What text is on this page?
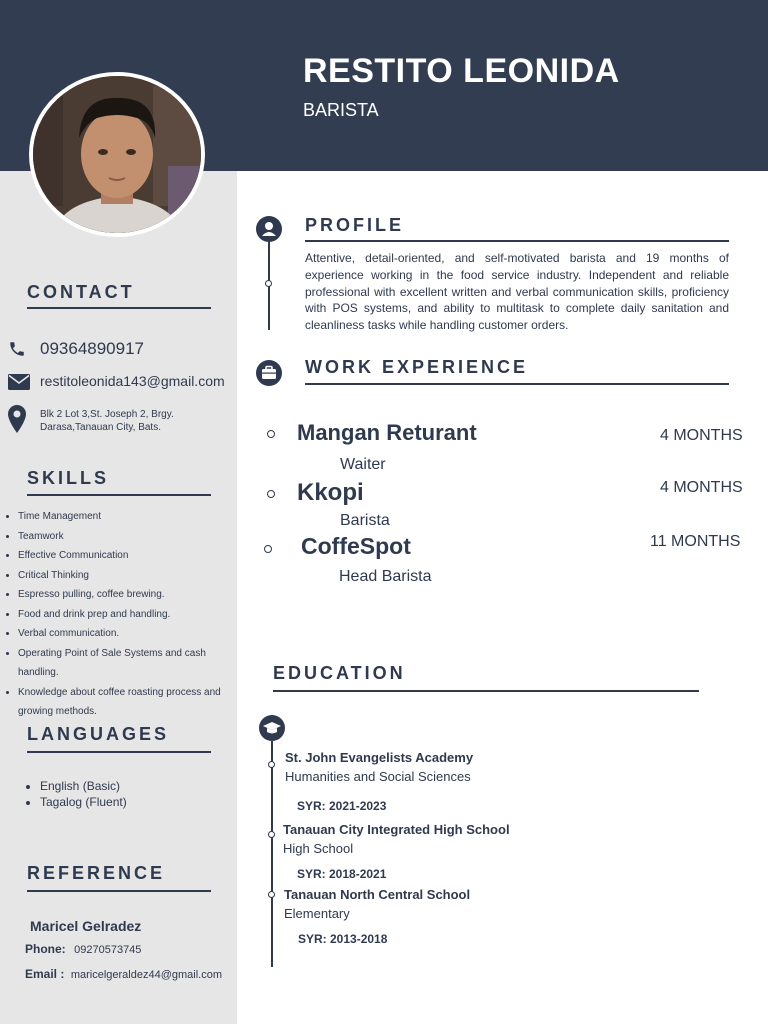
RESTITO LEONIDA
BARISTA
CONTACT
09364890917
restitoleonida143@gmail.com
Blk 2 Lot 3,St. Joseph 2, Brgy.
Darasa,Tanauan City, Bats.
SKILLS
• Time Management
• Teamwork
• Effective Communication
• Critical Thinking
• Espresso pulling, coffee brewing.
• Food and drink prep and handling.
• Verbal communication.
• Operating Point of Sale Systems and cash handling.
• Knowledge about coffee roasting process and growing methods.
LANGUAGES
• English (Basic)
• Tagalog (Fluent)
REFERENCE
Maricel Gelradez
Phone: 09270573745
Email : maricelgeraldez44@gmail.com
PROFILE
Attentive, detail-oriented, and self-motivated barista and 19 months of experience working in the food service industry. Independent and reliable professional with excellent written and verbal communication skills, proficiency with POS systems, and ability to multitask to complete daily sanitation and cleanliness tasks while handling customer orders.
WORK EXPERIENCE
Mangan Returant	4 MONTHS
Waiter
Kkopi	4 MONTHS
Barista
CoffeSpot	11 MONTHS
Head Barista
EDUCATION
St. John Evangelists Academy
Humanities and Social Sciences
SYR: 2021-2023
Tanauan City Integrated High School
High School
SYR: 2018-2021
Tanauan North Central School
Elementary
SYR: 2013-2018
